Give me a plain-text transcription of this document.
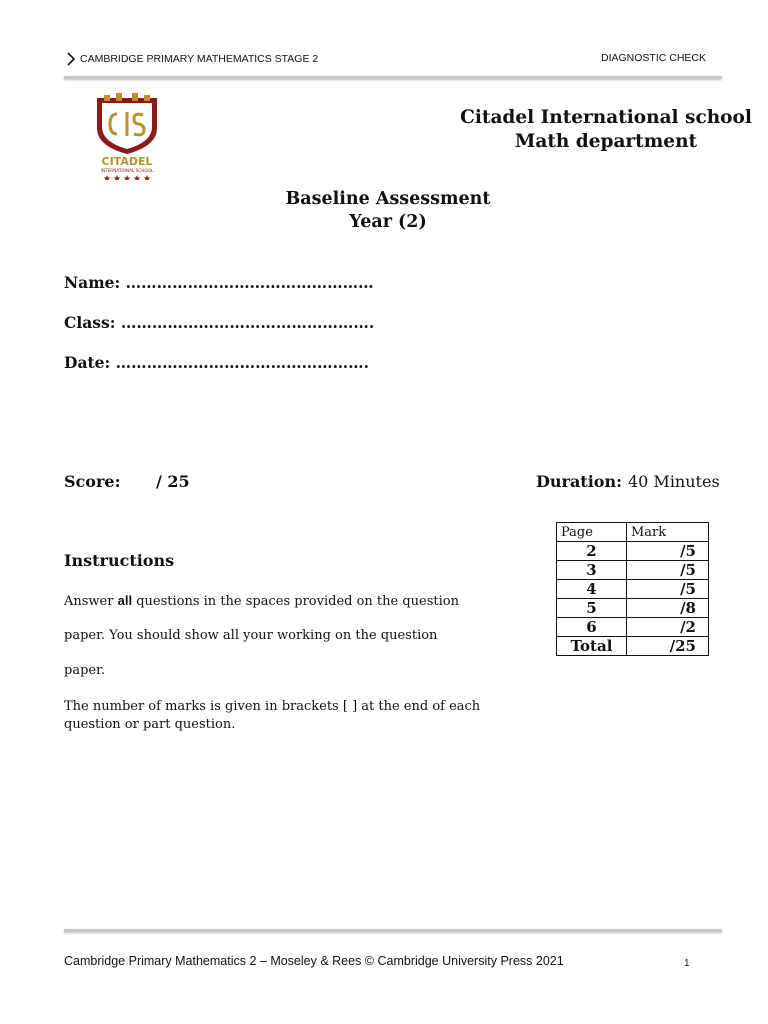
CAMBRIDGE PRIMARY MATHEMATICS STAGE 2	DIAGNOSTIC CHECK
CITADEL
INTERNATIONAL SCHOOL
Citadel International school
Math department
Baseline Assessment
Year (2)
Name: …………………………………………
Class: ………………………………………….
Date: ………………………………………….
Score: / 25	Duration: 40 Minutes
Page	Mark
2	/5
3	/5
4	/5
5	/8
6	/2
Total	/25
Instructions
Answer all questions in the spaces provided on the question
paper. You should show all your working on the question
paper.
The number of marks is given in brackets [ ] at the end of each question or part question.
Cambridge Primary Mathematics 2 – Moseley & Rees © Cambridge University Press 2021	1
